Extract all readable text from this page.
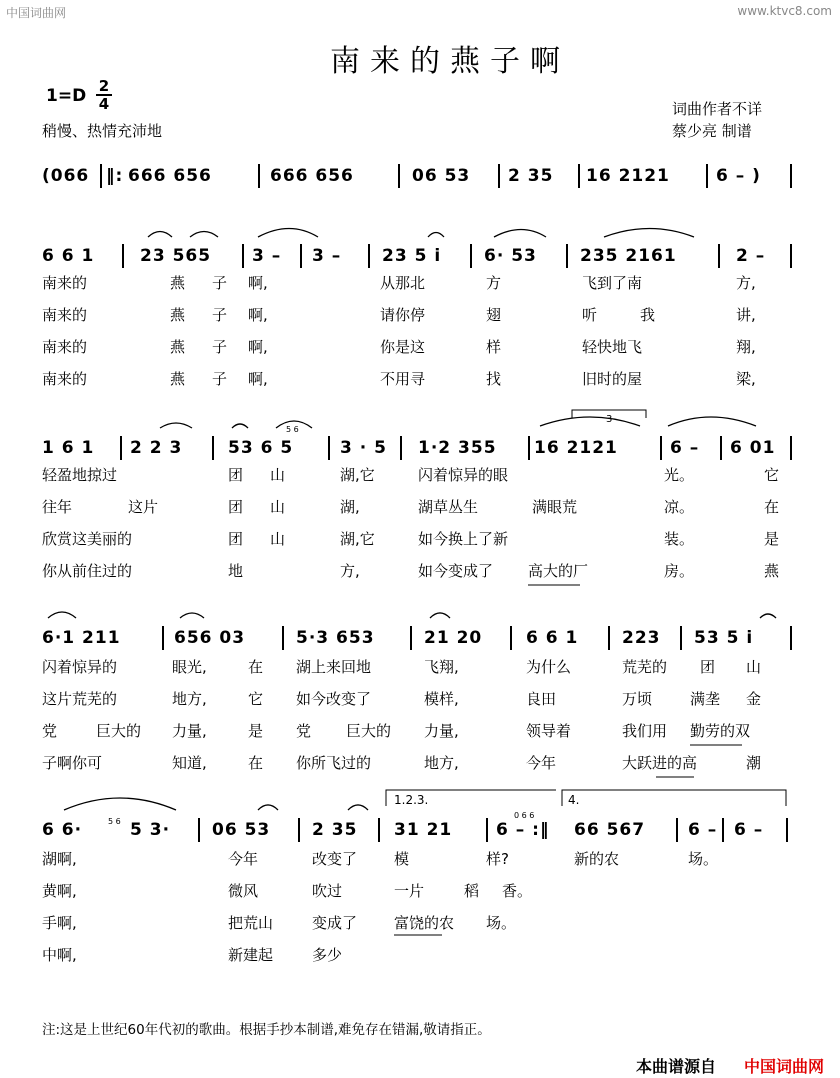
中国词曲网	www.ktvc8.com
南来的燕子啊
$1=D \frac{2}{4}$
稍慢、热情充沛地
词曲作者不详
蔡少亮 制谱
(066 ‖: 666 656	666 656	06 53 2 35 16 2121	6 – )
6 6 1	23 565 3 – 3 – 23 5 i	6· 53	235 2161	2 –
1 6 1 2 2 3	53 6 5	3 · 5 1·2 355 16 2121	6 – 6 01
6·1 211	656 03	5·3 653	21 20	6 6 1	223 53 5 i
6 6·	5 3· 06 53 2 35 31 21	6 – :‖ 66 567	6 – 6 –
南来的	燕 子 啊,	从那北	方	飞到了南	方,
南来的	燕 子 啊,	请你停	翅	听	我	讲,
南来的	燕 子 啊,	你是这	样	轻快地飞	翔,
南来的	燕 子 啊,	不用寻	找	旧时的屋	梁,
轻盈地掠过	团 山	湖,它	闪着惊异的眼	光。	它
往年	这片	团 山	湖,	湖草丛生	满眼荒	凉。	在
欣赏这美丽的	团 山	湖,它	如今换上了新	装。	是
你从前住过的	地	方,	如今变成了 高大的厂	房。	燕
闪着惊异的	眼光,	在 湖上来回地	飞翔,	为什么	荒芜的 团 山
这片荒芜的	地方,	它 如今改变了	模样,	良田	万顷	满垄 金
党	巨大的 力量,	是 党 巨大的 力量,	领导着	我们用 勤劳的双
子啊你可	知道,	在 你所飞过的	地方,	今年	大跃进的高	潮
湖啊,	今年	改变了 模	样?	新的农	场。
黄啊,	微风	吹过	一片	稻 香。
手啊,	把荒山	变成了 富饶的农 场。
中啊,	新建起	多少
3
5 6
5 6
0 6 6
1.2.3.	4.
注:这是上世纪60年代初的歌曲。根据手抄本制谱,难免存在错漏,敬请指正。
本曲谱源自 中国词曲网
